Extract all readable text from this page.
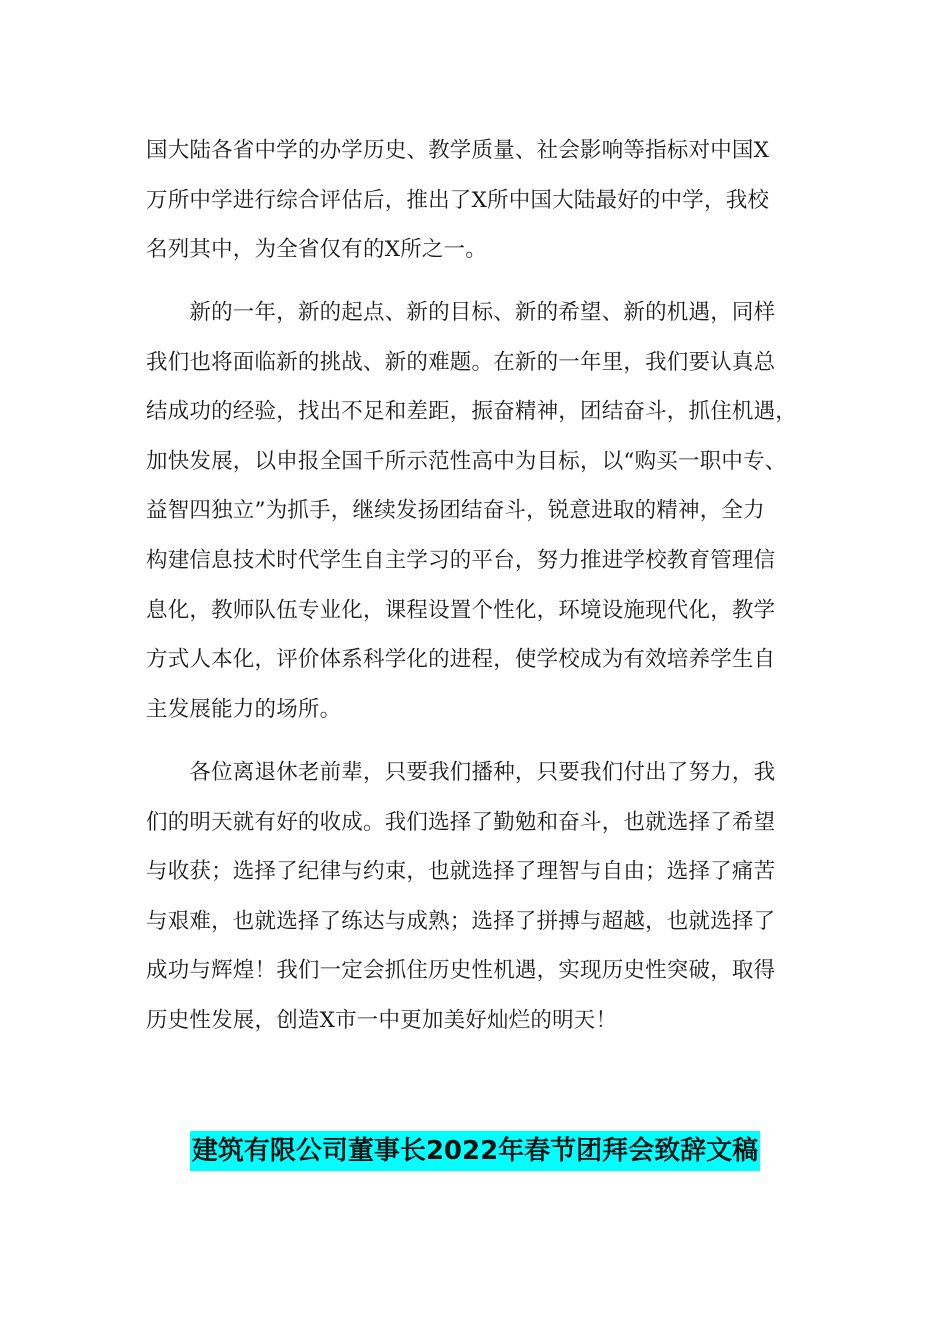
国大陆各省中学的办学历史、教学质量、社会影响等指标对中国X
万所中学进行综合评估后，推出了X所中国大陆最好的中学，我校
名列其中，为全省仅有的X所之一。
　　新的一年，新的起点、新的目标、新的希望、新的机遇，同样
我们也将面临新的挑战、新的难题。在新的一年里，我们要认真总
结成功的经验，找出不足和差距，振奋精神，团结奋斗，抓住机遇，
加快发展，以申报全国千所示范性高中为目标，以“购买一职中专、
益智四独立”为抓手，继续发扬团结奋斗，锐意进取的精神，全力
构建信息技术时代学生自主学习的平台，努力推进学校教育管理信
息化，教师队伍专业化，课程设置个性化，环境设施现代化，教学
方式人本化，评价体系科学化的进程，使学校成为有效培养学生自
主发展能力的场所。
　　各位离退休老前辈，只要我们播种，只要我们付出了努力，我
们的明天就有好的收成。我们选择了勤勉和奋斗，也就选择了希望
与收获；选择了纪律与约束，也就选择了理智与自由；选择了痛苦
与艰难，也就选择了练达与成熟；选择了拼搏与超越，也就选择了
成功与辉煌！我们一定会抓住历史性机遇，实现历史性突破，取得
历史性发展，创造X市一中更加美好灿烂的明天！
建筑有限公司董事长2022年春节团拜会致辞文稿
